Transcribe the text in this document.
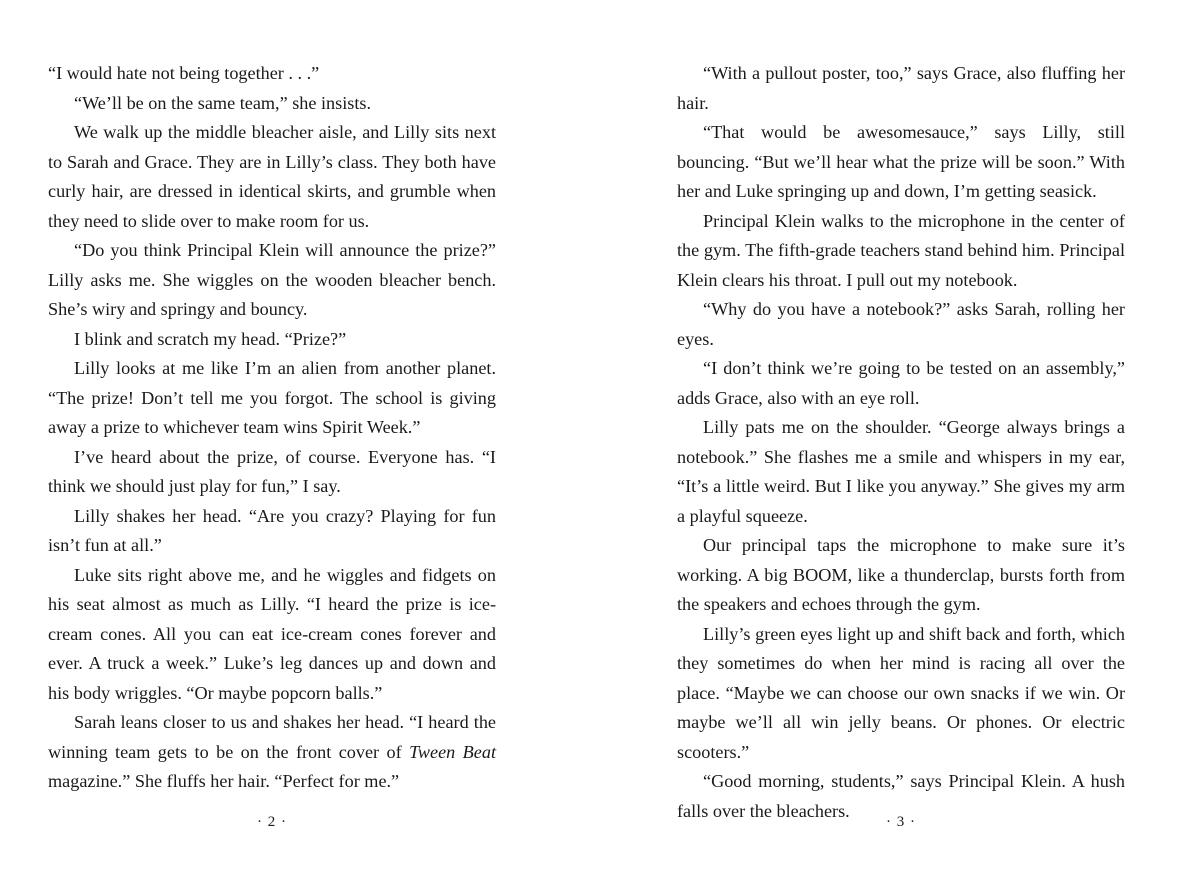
“I would hate not being together . . .”

“We’ll be on the same team,” she insists.

We walk up the middle bleacher aisle, and Lilly sits next to Sarah and Grace. They are in Lilly’s class. They both have curly hair, are dressed in identical skirts, and grumble when they need to slide over to make room for us.

“Do you think Principal Klein will announce the prize?” Lilly asks me. She wiggles on the wooden bleacher bench. She’s wiry and springy and bouncy.

I blink and scratch my head. “Prize?”

Lilly looks at me like I’m an alien from another planet. “The prize! Don’t tell me you forgot. The school is giving away a prize to whichever team wins Spirit Week.”

I’ve heard about the prize, of course. Everyone has. “I think we should just play for fun,” I say.

Lilly shakes her head. “Are you crazy? Playing for fun isn’t fun at all.”

Luke sits right above me, and he wiggles and fidgets on his seat almost as much as Lilly. “I heard the prize is ice-cream cones. All you can eat ice-cream cones forever and ever. A truck a week.” Luke’s leg dances up and down and his body wriggles. “Or maybe popcorn balls.”

Sarah leans closer to us and shakes her head. “I heard the winning team gets to be on the front cover of Tween Beat magazine.” She fluffs her hair. “Perfect for me.”

“With a pullout poster, too,” says Grace, also fluffing her hair.

“That would be awesomesauce,” says Lilly, still bouncing. “But we’ll hear what the prize will be soon.” With her and Luke springing up and down, I’m getting seasick.

Principal Klein walks to the microphone in the center of the gym. The fifth-grade teachers stand behind him. Principal Klein clears his throat. I pull out my notebook.

“Why do you have a notebook?” asks Sarah, rolling her eyes.

“I don’t think we’re going to be tested on an assembly,” adds Grace, also with an eye roll.

Lilly pats me on the shoulder. “George always brings a notebook.” She flashes me a smile and whispers in my ear, “It’s a little weird. But I like you anyway.” She gives my arm a playful squeeze.

Our principal taps the microphone to make sure it’s working. A big BOOM, like a thunderclap, bursts forth from the speakers and echoes through the gym.

Lilly’s green eyes light up and shift back and forth, which they sometimes do when her mind is racing all over the place. “Maybe we can choose our own snacks if we win. Or maybe we’ll all win jelly beans. Or phones. Or electric scooters.”

“Good morning, students,” says Principal Klein. A hush falls over the bleachers.

· 2 ·	· 3 ·
